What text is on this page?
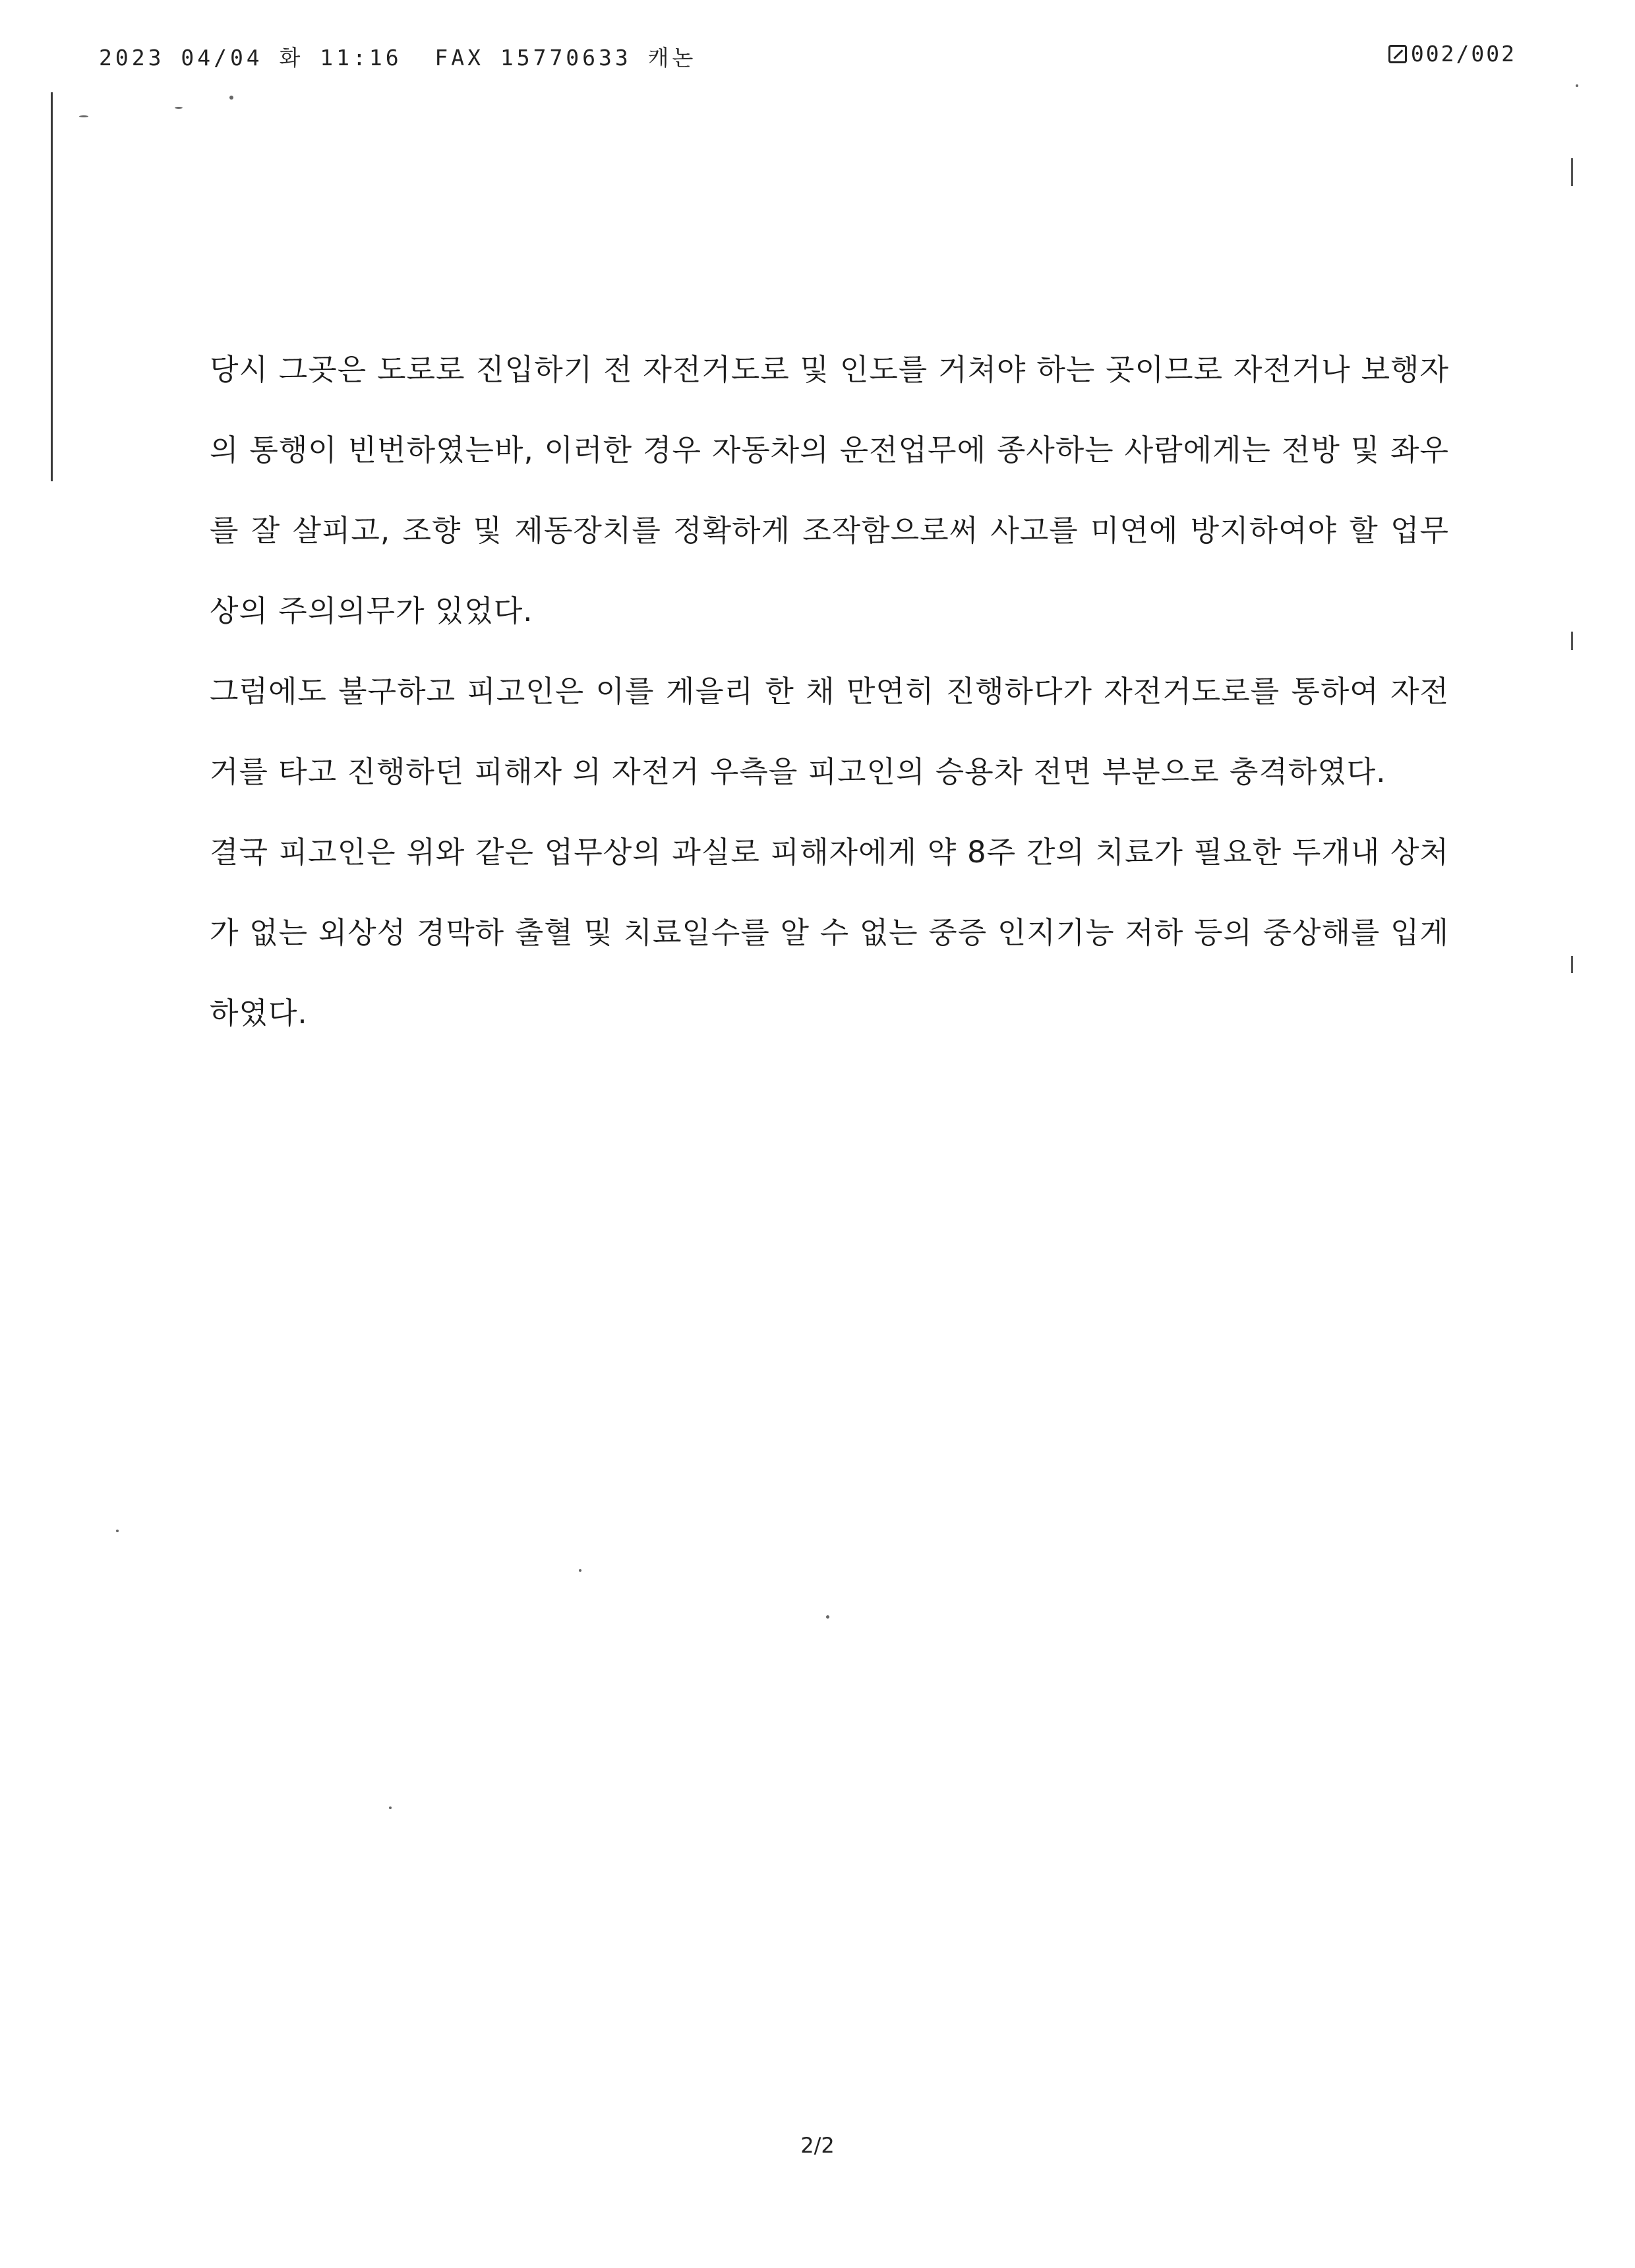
2023 04/04 화 11:16  FAX 15770633 캐논	002/002

당시 그곳은 도로로 진입하기 전 자전거도로 및 인도를 거쳐야 하는 곳이므로 자전거나 보행자의 통행이 빈번하였는바, 이러한 경우 자동차의 운전업무에 종사하는 사람에게는 전방 및 좌우를 잘 살피고, 조향 및 제동장치를 정확하게 조작함으로써 사고를 미연에 방지하여야 할 업무상의 주의의무가 있었다.

그럼에도 불구하고 피고인은 이를 게을리 한 채 만연히 진행하다가 자전거도로를 통하여 자전거를 타고 진행하던 피해자 의 자전거 우측을 피고인의 승용차 전면 부분으로 충격하였다.

결국 피고인은 위와 같은 업무상의 과실로 피해자에게 약 8주 간의 치료가 필요한 두개내 상처가 없는 외상성 경막하 출혈 및 치료일수를 알 수 없는 중증 인지기능 저하 등의 중상해를 입게 하였다.

2/2
